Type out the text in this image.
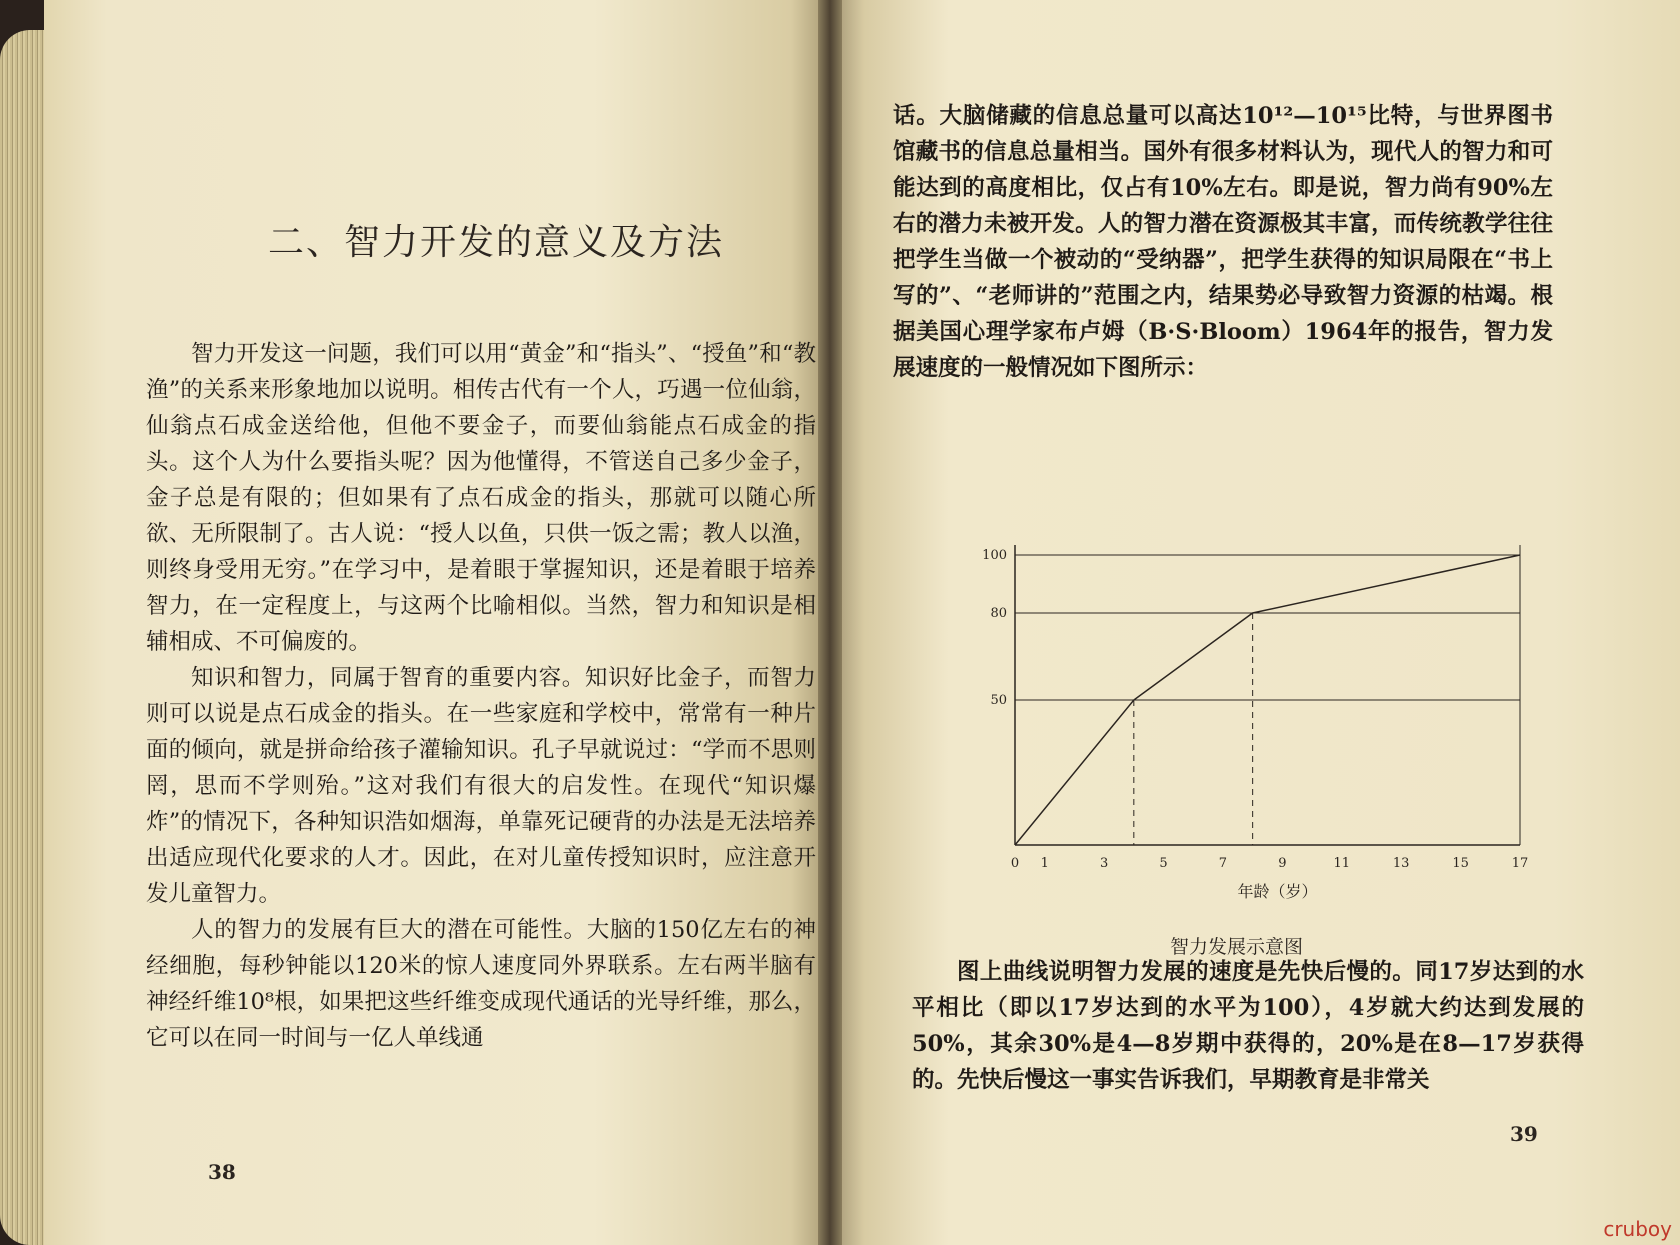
二、智力开发的意义及方法

智力开发这一问题，我们可以用“黄金”和“指头”、“授鱼”和“教渔”的关系来形象地加以说明。相传古代有一个人，巧遇一位仙翁，仙翁点石成金送给他，但他不要金子，而要仙翁能点石成金的指头。这个人为什么要指头呢？因为他懂得，不管送自己多少金子，金子总是有限的；但如果有了点石成金的指头，那就可以随心所欲、无所限制了。古人说：“授人以鱼，只供一饭之需；教人以渔，则终身受用无穷。”在学习中，是着眼于掌握知识，还是着眼于培养智力，在一定程度上，与这两个比喻相似。当然，智力和知识是相辅相成、不可偏废的。

知识和智力，同属于智育的重要内容。知识好比金子，而智力则可以说是点石成金的指头。在一些家庭和学校中，常常有一种片面的倾向，就是拼命给孩子灌输知识。孔子早就说过：“学而不思则罔，思而不学则殆。”这对我们有很大的启发性。在现代“知识爆炸”的情况下，各种知识浩如烟海，单靠死记硬背的办法是无法培养出适应现代化要求的人才。因此，在对儿童传授知识时，应注意开发儿童智力。

人的智力的发展有巨大的潜在可能性。大脑的150亿左右的神经细胞，每秒钟能以120米的惊人速度同外界联系。左右两半脑有神经纤维10⁸根，如果把这些纤维变成现代通话的光导纤维，那么，它可以在同一时间与一亿人单线通

38

话。大脑储藏的信息总量可以高达10¹²—10¹⁵比特，与世界图书馆藏书的信息总量相当。国外有很多材料认为，现代人的智力和可能达到的高度相比，仅占有10%左右。即是说，智力尚有90%左右的潜力未被开发。人的智力潜在资源极其丰富，而传统教学往往把学生当做一个被动的“受纳器”，把学生获得的知识局限在“书上写的”、“老师讲的”范围之内，结果势必导致智力资源的枯竭。根据美国心理学家布卢姆（B·S·Bloom）1964年的报告，智力发展速度的一般情况如下图所示：

0 1	3	5	7	9	11	13	15	17
50
80
100
年龄（岁）
智力发展示意图

图上曲线说明智力发展的速度是先快后慢的。同17岁达到的水平相比（即以17岁达到的水平为100），4岁就大约达到发展的50%，其余30%是4—8岁期中获得的，20%是在8—17岁获得的。先快后慢这一事实告诉我们，早期教育是非常关

39
cruboy
